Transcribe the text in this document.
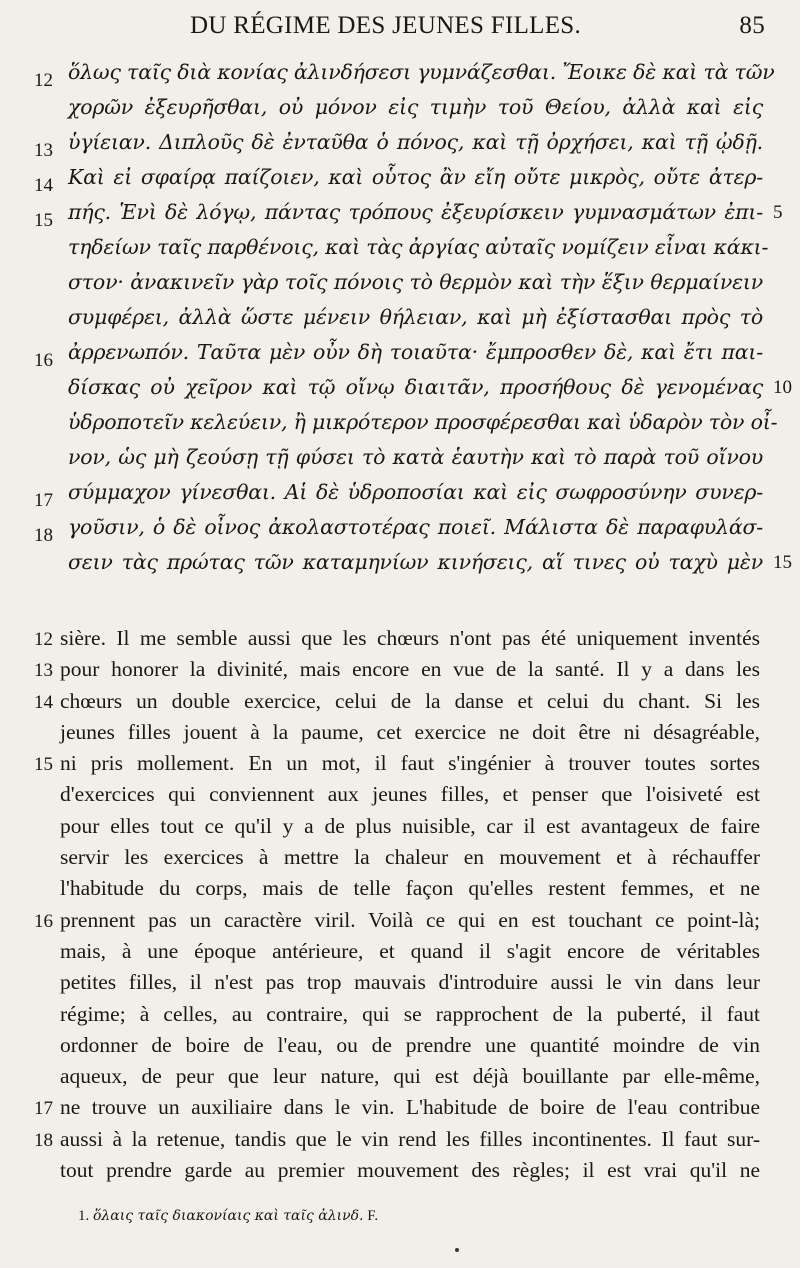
DU RÉGIME DES JEUNES FILLES.	85
12 ὅλως ταῖς διὰ κονίας ἀλινδήσεσι γυμνάζεσθαι. Ἔοικε δὲ καὶ τὰ τῶν
χορῶν ἐξευρῆσθαι, οὐ μόνον εἰς τιμὴν τοῦ Θείου, ἀλλὰ καὶ εἰς
13 ὑγίειαν. Διπλοῦς δὲ ἐνταῦθα ὁ πόνος, καὶ τῇ ὀρχήσει, καὶ τῇ ᾠδῇ.
14 Καὶ εἰ σφαίρᾳ παίζοιεν, καὶ οὗτος ἂν εἴη οὔτε μικρὸς, οὔτε ἀτερ-
15 πής. Ἑνὶ δὲ λόγῳ, πάντας τρόπους ἐξευρίσκειν γυμνασμάτων ἐπι- 5
τηδείων ταῖς παρθένοις, καὶ τὰς ἀργίας αὐταῖς νομίζειν εἶναι κάκι-
στον· ἀνακινεῖν γὰρ τοῖς πόνοις τὸ θερμὸν καὶ τὴν ἕξιν θερμαίνειν
συμφέρει, ἀλλὰ ὥστε μένειν θήλειαν, καὶ μὴ ἐξίστασθαι πρὸς τὸ
16 ἀρρενωπόν. Ταῦτα μὲν οὖν δὴ τοιαῦτα· ἔμπροσθεν δὲ, καὶ ἔτι παι-
δίσκας οὐ χεῖρον καὶ τῷ οἴνῳ διαιτᾶν, προσήθους δὲ γενομένας 10
ὑδροποτεῖν κελεύειν, ἢ μικρότερον προσφέρεσθαι καὶ ὑδαρὸν τὸν οἶ-
νον, ὡς μὴ ζεούσῃ τῇ φύσει τὸ κατὰ ἑαυτὴν καὶ τὸ παρὰ τοῦ οἴνου
17 σύμμαχον γίνεσθαι. Αἱ δὲ ὑδροποσίαι καὶ εἰς σωφροσύνην συνερ-
18 γοῦσιν, ὁ δὲ οἶνος ἀκολαστοτέρας ποιεῖ. Μάλιστα δὲ παραφυλάσ-
σειν τὰς πρώτας τῶν καταμηνίων κινήσεις, αἵ τινες οὐ ταχὺ μὲν 15
12 sière. Il me semble aussi que les chœurs n'ont pas été uniquement inventés
13 pour honorer la divinité, mais encore en vue de la santé. Il y a dans les
14 chœurs un double exercice, celui de la danse et celui du chant. Si les
jeunes filles jouent à la paume, cet exercice ne doit être ni désagréable,
15 ni pris mollement. En un mot, il faut s'ingénier à trouver toutes sortes
d'exercices qui conviennent aux jeunes filles, et penser que l'oisiveté est
pour elles tout ce qu'il y a de plus nuisible, car il est avantageux de faire
servir les exercices à mettre la chaleur en mouvement et à réchauffer
l'habitude du corps, mais de telle façon qu'elles restent femmes, et ne
16 prennent pas un caractère viril. Voilà ce qui en est touchant ce point-là;
mais, à une époque antérieure, et quand il s'agit encore de véritables
petites filles, il n'est pas trop mauvais d'introduire aussi le vin dans leur
régime; à celles, au contraire, qui se rapprochent de la puberté, il faut
ordonner de boire de l'eau, ou de prendre une quantité moindre de vin
aqueux, de peur que leur nature, qui est déjà bouillante par elle-même,
17 ne trouve un auxiliaire dans le vin. L'habitude de boire de l'eau contribue
18 aussi à la retenue, tandis que le vin rend les filles incontinentes. Il faut sur-
tout prendre garde au premier mouvement des règles; il est vrai qu'il ne
1. ὅλαις ταῖς διακονίαις καὶ ταῖς ἀλινδ. F.
